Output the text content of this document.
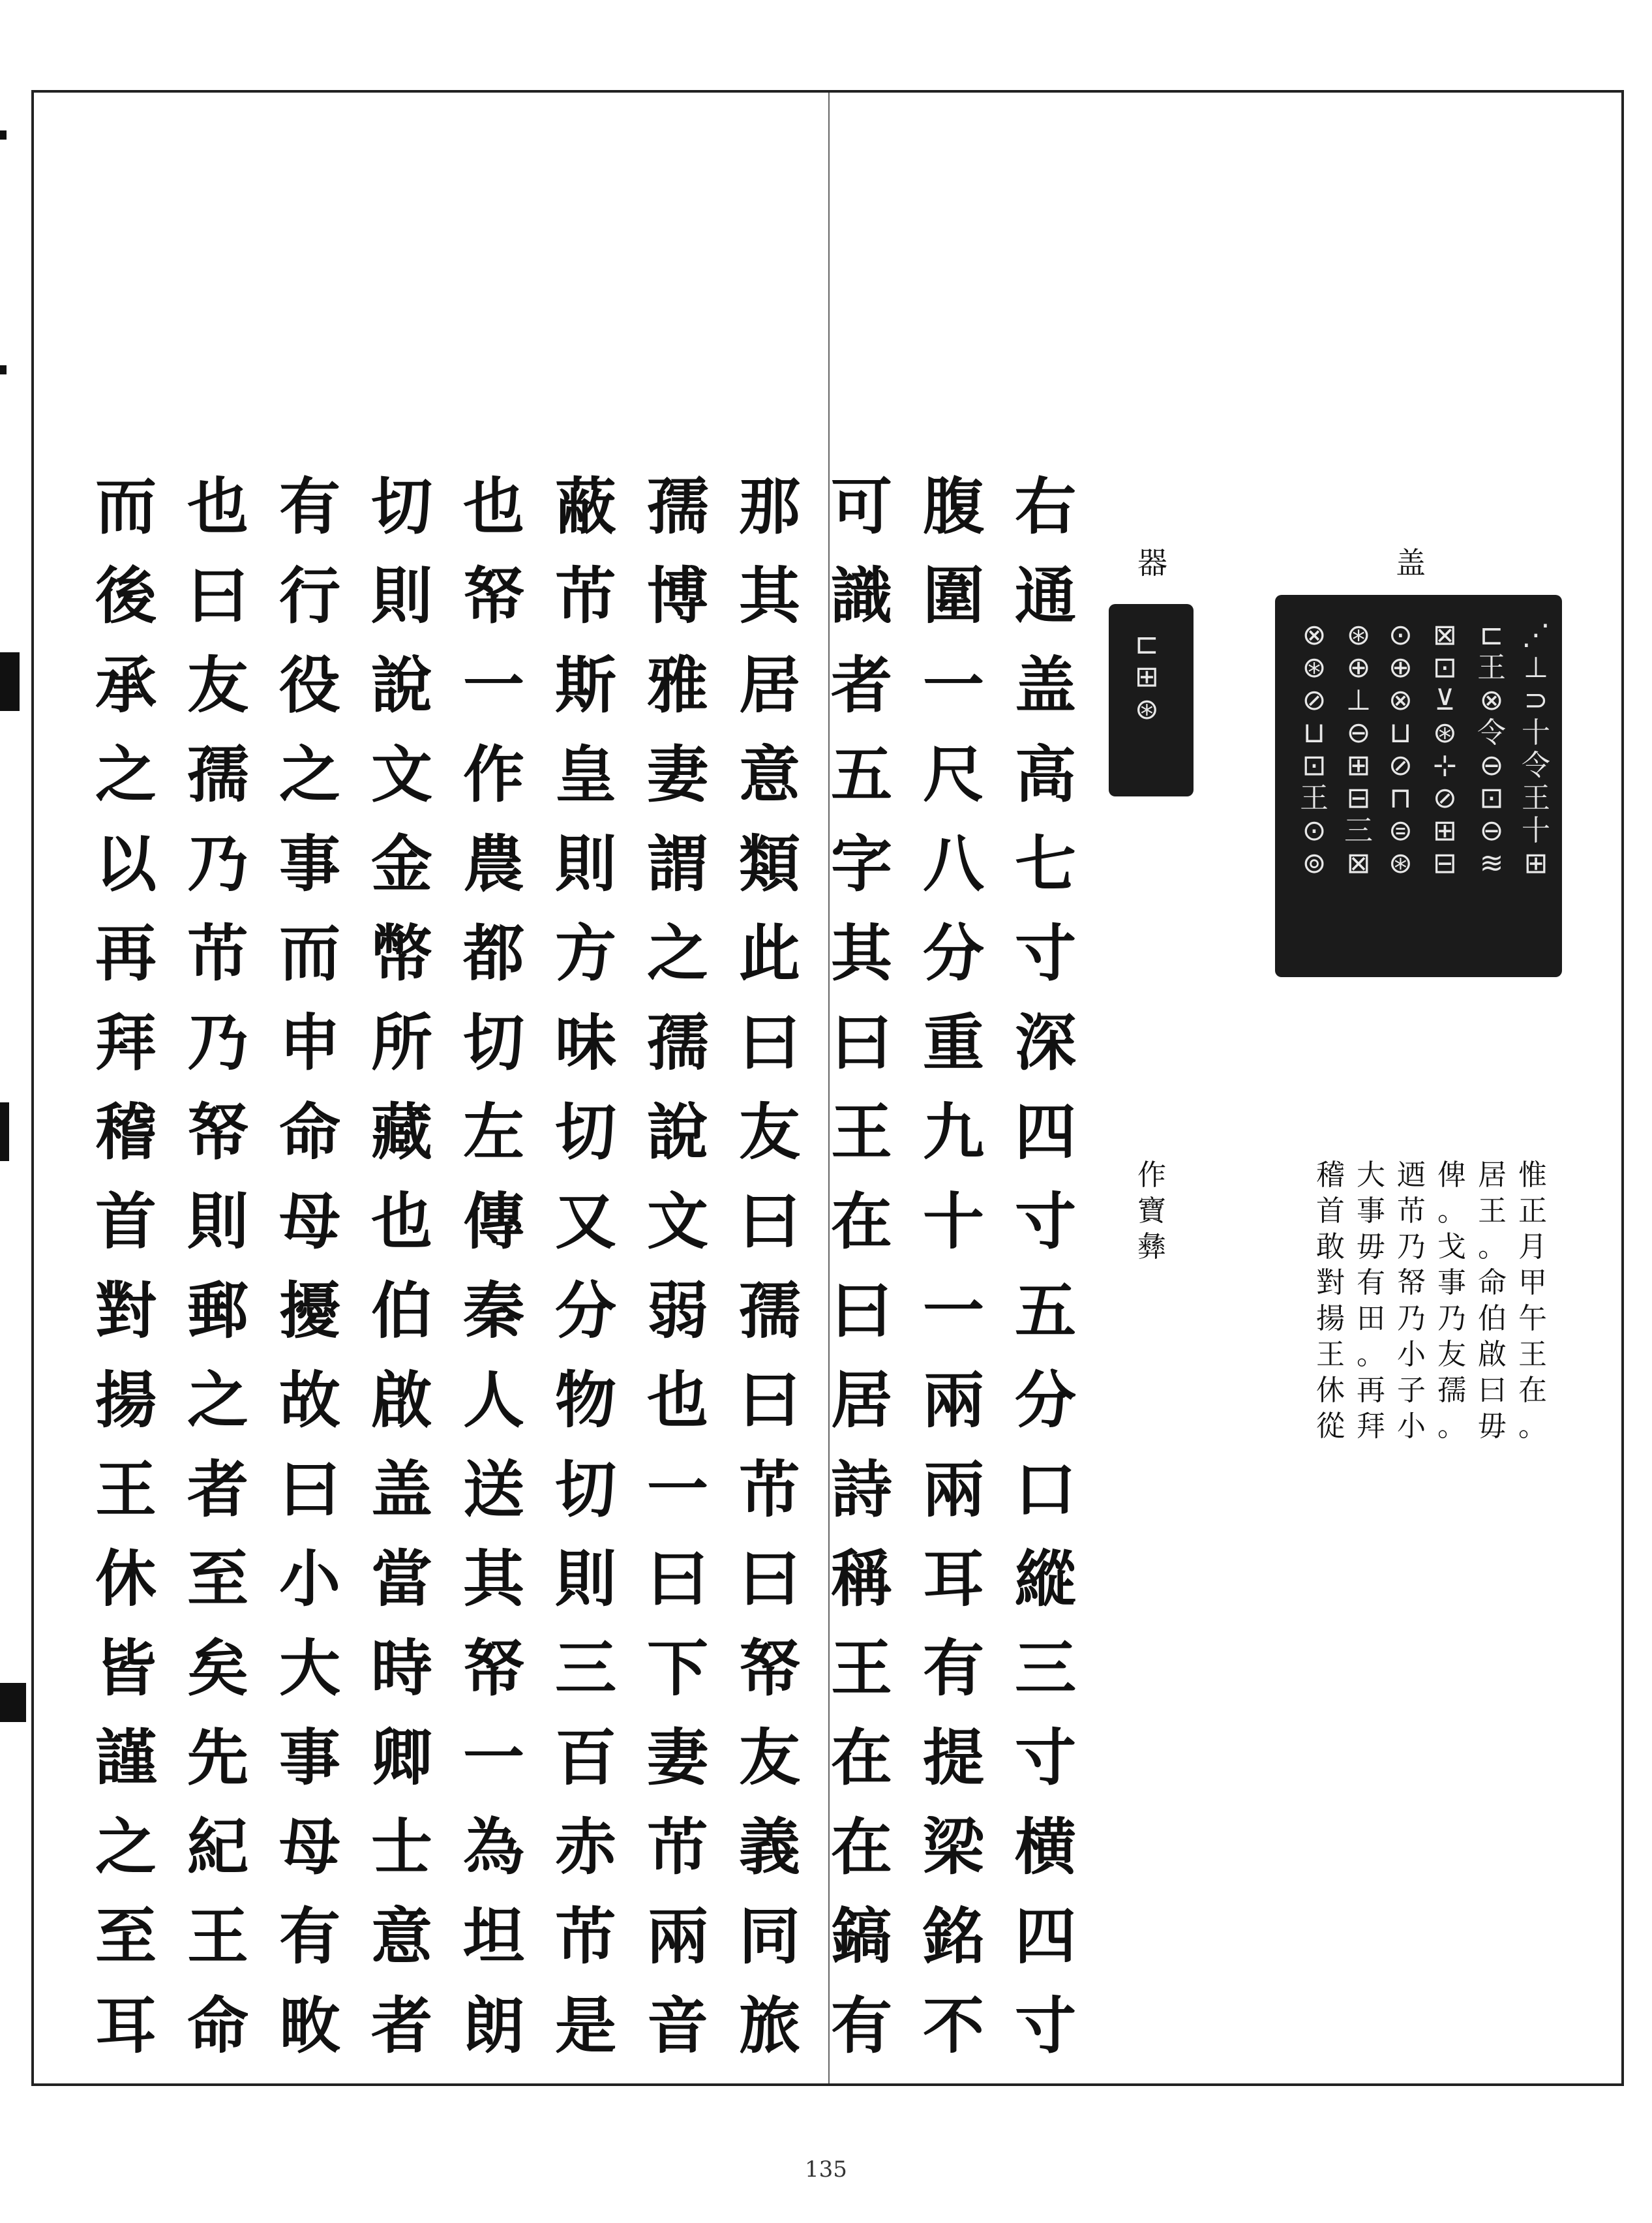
右
通
盖
高
七
寸
深
四
寸
五
分
口
縱
三
寸
横
四
寸
腹
圍
一
尺
八
分
重
九
十
一
兩
兩
耳
有
提
梁
銘
不
可
識
者
五
字
其
曰
王
在
曰
居
詩
稱
王
在
在
鎬
有
那
其
居
意
類
此
曰
友
曰
孺
曰
芇
曰
帑
友
義
同
旅
孺
博
雅
妻
謂
之
孺
說
文
弱
也
一
曰
下
妻
芇
兩
音
蔽
芇
斯
皇
則
方
味
切
又
分
物
切
則
三
百
赤
芇
是
也
帑
一
作
農
都
切
左
傳
秦
人
送
其
帑
一
為
坦
朗
切
則
說
文
金
幣
所
藏
也
伯
啟
盖
當
時
卿
士
意
者
有
行
役
之
事
而
申
命
母
擾
故
曰
小
大
事
母
有
畋
也
曰
友
孺
乃
芇
乃
帑
則
郵
之
者
至
矣
先
紀
王
命
而
後
承
之
以
再
拜
稽
首
對
揚
王
休
皆
謹
之
至
耳
盖
⋰
⊥
⊃
十
令
王
十
⊞
⊏
王
⊗
令
⊖
⊡
⊖
≋
⊠
⊡
⊻
⊛
⊹
⊘
⊞
⊟
⊙
⊕
⊗
⊔
⊘
⊓
⊜
⊛
⊛
⊕
⊥
⊖
⊞
⊟
三
⊠
⊗
⊛
⊘
⊔
⊡
王
⊙
⊚
惟
正
月
甲
午
王
在
。
居
王
。
命
伯
啟
曰
毋
俾
。
戈
事
乃
友
孺
。
迺
芇
乃
帑
乃
小
子
小
大
事
毋
有
田
。
再
拜
稽
首
敢
對
揚
王
休
從
器
⊏
⊞
⊛
作
寶
彝
135
